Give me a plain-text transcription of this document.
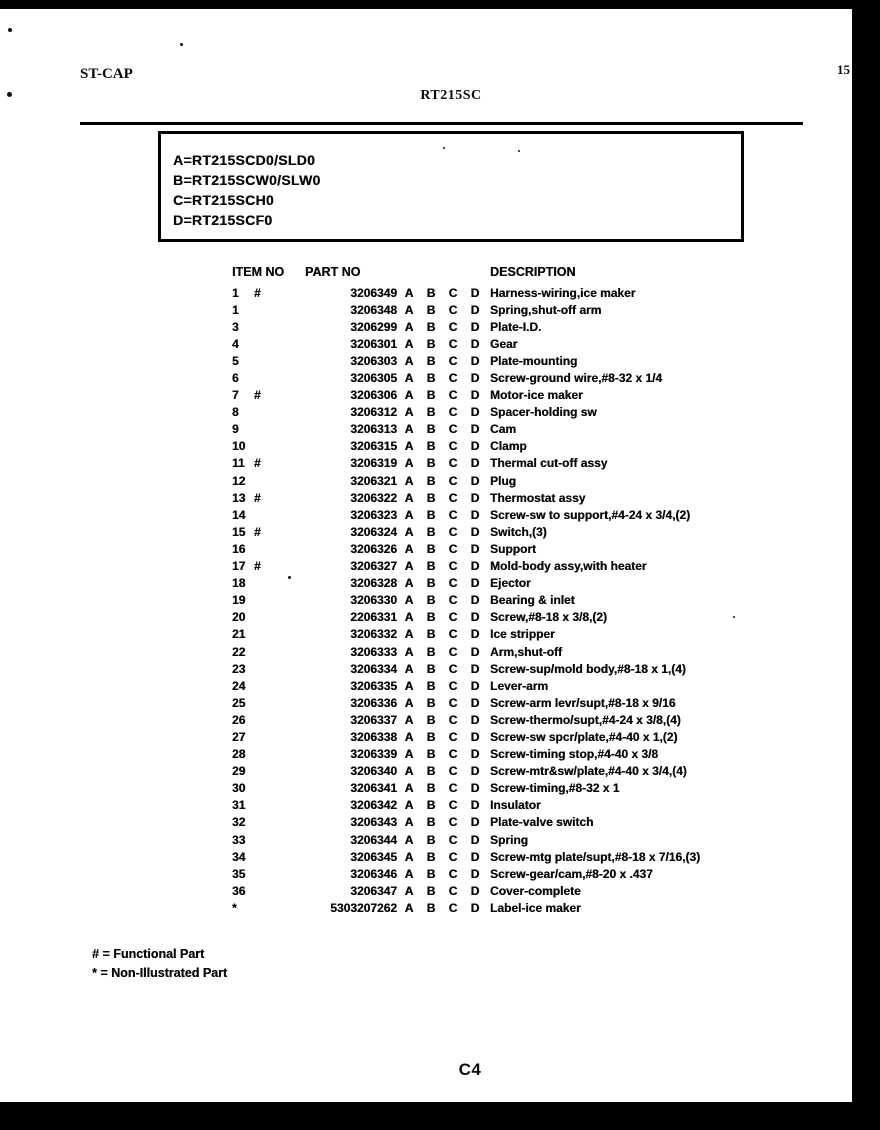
ST-CAP
RT215SC
15
A=RT215SCD0/SLD0
B=RT215SCW0/SLW0
C=RT215SCH0
D=RT215SCF0
ITEM NO PART NO	DESCRIPTION
1	#	3206349 A	B	C	D Harness-wiring,ice maker
1	3206348 A	B	C	D Spring,shut-off arm
3	3206299 A	B	C	D Plate-I.D.
4	3206301 A	B	C	D Gear
5	3206303 A	B	C	D Plate-mounting
6	3206305 A	B	C	D Screw-ground wire,#8-32 x 1/4
7	#	3206306 A	B	C	D Motor-ice maker
8	3206312 A	B	C	D Spacer-holding sw
9	3206313 A	B	C	D Cam
10	3206315 A	B	C	D Clamp
11 #	3206319 A	B	C	D Thermal cut-off assy
12	3206321 A	B	C	D Plug
13 #	3206322 A	B	C	D Thermostat assy
14	3206323 A	B	C	D Screw-sw to support,#4-24 x 3/4,(2)
15 #	3206324 A	B	C	D Switch,(3)
16	3206326 A	B	C	D Support
17 #	3206327 A	B	C	D Mold-body assy,with heater
18	3206328 A	B	C	D Ejector
19	3206330 A	B	C	D Bearing & inlet
20	2206331 A	B	C	D Screw,#8-18 x 3/8,(2)
21	3206332 A	B	C	D Ice stripper
22	3206333 A	B	C	D Arm,shut-off
23	3206334 A	B	C	D Screw-sup/mold body,#8-18 x 1,(4)
24	3206335 A	B	C	D Lever-arm
25	3206336 A	B	C	D Screw-arm levr/supt,#8-18 x 9/16
26	3206337 A	B	C	D Screw-thermo/supt,#4-24 x 3/8,(4)
27	3206338 A	B	C	D Screw-sw spcr/plate,#4-40 x 1,(2)
28	3206339 A	B	C	D Screw-timing stop,#4-40 x 3/8
29	3206340 A	B	C	D Screw-mtr&sw/plate,#4-40 x 3/4,(4)
30	3206341 A	B	C	D Screw-timing,#8-32 x 1
31	3206342 A	B	C	D Insulator
32	3206343 A	B	C	D Plate-valve switch
33	3206344 A	B	C	D Spring
34	3206345 A	B	C	D Screw-mtg plate/supt,#8-18 x 7/16,(3)
35	3206346 A	B	C	D Screw-gear/cam,#8-20 x .437
36	3206347 A	B	C	D Cover-complete
*	5303207262 A	B	C	D Label-ice maker
# = Functional Part
* = Non-Illustrated Part
C4
